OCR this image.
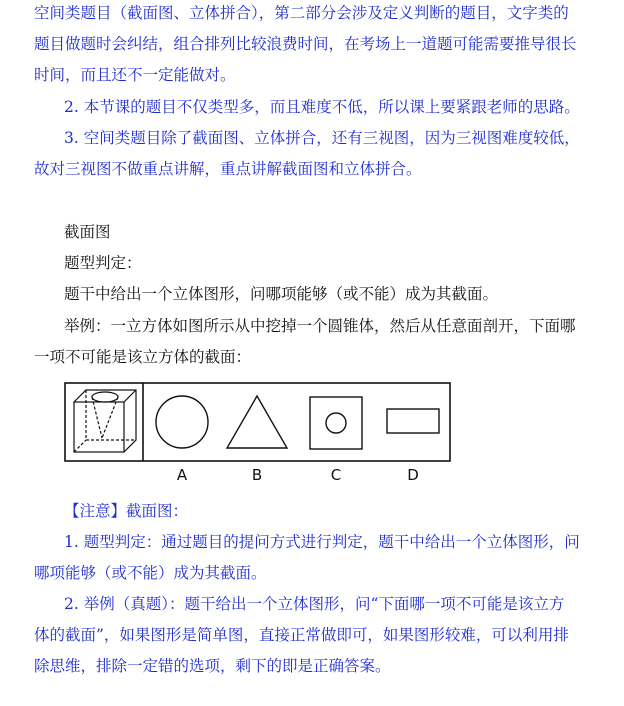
空间类题目（截面图、立体拼合），第二部分会涉及定义判断的题目，文字类的
题目做题时会纠结，组合排列比较浪费时间，在考场上一道题可能需要推导很长
时间，而且还不一定能做对。
2. 本节课的题目不仅类型多，而且难度不低，所以课上要紧跟老师的思路。
3. 空间类题目除了截面图、立体拼合，还有三视图，因为三视图难度较低，
故对三视图不做重点讲解，重点讲解截面图和立体拼合。
截面图
题型判定：
题干中给出一个立体图形，问哪项能够（或不能）成为其截面。
举例：一立方体如图所示从中挖掉一个圆锥体，然后从任意面剖开，下面哪
一项不可能是该立方体的截面：
A	B	C	D
【注意】截面图：
1. 题型判定：通过题目的提问方式进行判定，题干中给出一个立体图形，问
哪项能够（或不能）成为其截面。
2. 举例（真题）：题干给出一个立体图形，问“下面哪一项不可能是该立方
体的截面”，如果图形是简单图，直接正常做即可，如果图形较难，可以利用排
除思维，排除一定错的选项，剩下的即是正确答案。
